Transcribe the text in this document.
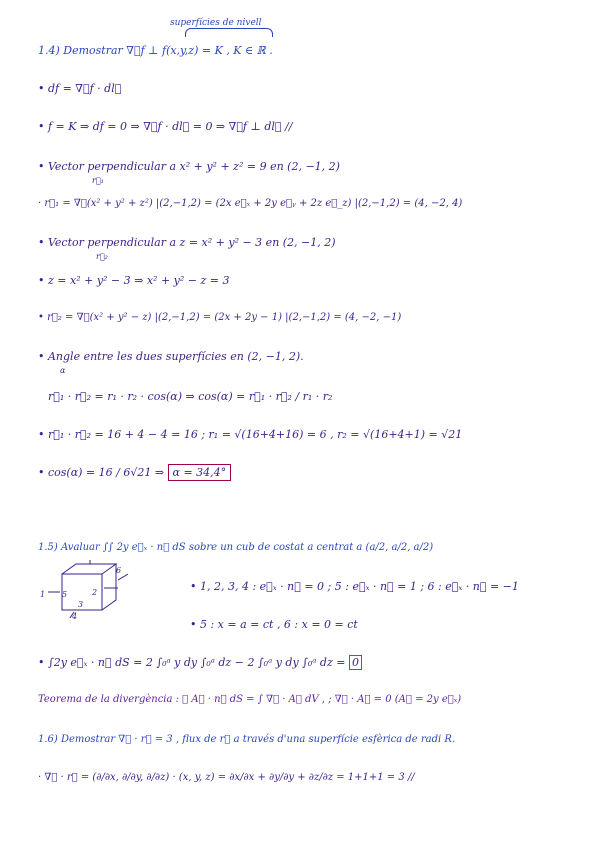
superfícies de nivell
1.4) Demostrar ∇⃗f ⊥ f(x,y,z) = K , K ∈ ℝ .
• df = ∇⃗f · dl⃗
• f = K ⇒ df = 0 ⇒ ∇⃗f · dl⃗ = 0 ⇒ ∇⃗f ⊥ dl⃗ //
• Vector perpendicular a x² + y² + z² = 9 en (2, −1, 2)
r⃗₁
· r⃗₁ = ∇⃗(x² + y² + z²) |(2,−1,2) = (2x e⃗ₓ + 2y e⃗ᵧ + 2z e⃗_z) |(2,−1,2) = (4, −2, 4)
• Vector perpendicular a z = x² + y² − 3 en (2, −1, 2)
r⃗₂
• z = x² + y² − 3 ⇒ x² + y² − z = 3
• r⃗₂ = ∇⃗(x² + y² − z) |(2,−1,2) = (2x + 2y − 1) |(2,−1,2) = (4, −2, −1)
• Angle entre les dues superfícies en (2, −1, 2).
α
r⃗₁ · r⃗₂ = r₁ · r₂ · cos(α) ⇒ cos(α) = r⃗₁ · r⃗₂ / r₁ · r₂
• r⃗₁ · r⃗₂ = 16 + 4 − 4 = 16 ; r₁ = √(16+4+16) = 6 , r₂ = √(16+4+1) = √21
• cos(α) = 16 / 6√21 ⇒ α = 34,4°
1.5) Avaluar ∫∫ 2y e⃗ₓ · n⃗ dS sobre un cub de costat a centrat a (a/2, a/2, a/2)
5	2
6
1
4
3
• 1, 2, 3, 4 : e⃗ₓ · n⃗ = 0 ; 5 : e⃗ₓ · n⃗ = 1 ; 6 : e⃗ₓ · n⃗ = −1
• 5 : x = a = ct , 6 : x = 0 = ct
• ∫2y e⃗ₓ · n⃗ dS = 2 ∫₀ᵃ y dy ∫₀ᵃ dz − 2 ∫₀ᵃ y dy ∫₀ᵃ dz = 0
Teorema de la divergència : ∮ A⃗ · n⃗ dS = ∫ ∇⃗ · A⃗ dV , ; ∇⃗ · A⃗ = 0 (A⃗ = 2y e⃗ₓ)
1.6) Demostrar ∇⃗ · r⃗ = 3 , flux de r⃗ a través d'una superfície esfèrica de radi R.
· ∇⃗ · r⃗ = (∂/∂x, ∂/∂y, ∂/∂z) · (x, y, z) = ∂x/∂x + ∂y/∂y + ∂z/∂z = 1+1+1 = 3 //
